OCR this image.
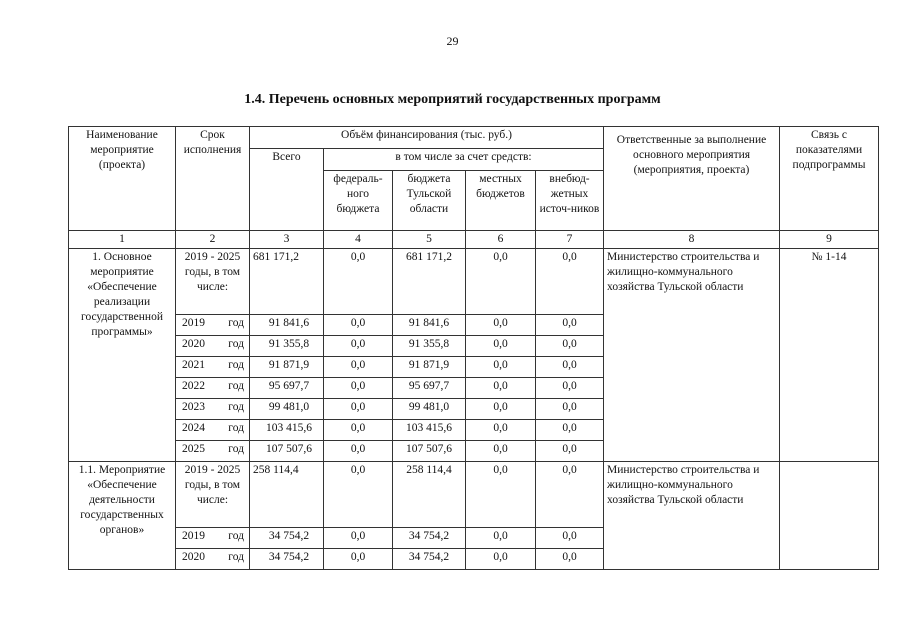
29
1.4. Перечень основных мероприятий государственных программ
Наименование мероприятие (проекта)	Срок исполнения	Объём финансирования (тыс. руб.)					Ответственные за выполнение основного мероприятия (мероприятия, проекта)	Связь с показателями подпрограммы
		Всего	в том числе за счет средств:					
			федераль-ного бюджета	бюджета Тульской области	местных бюджетов	внебюд-жетных источ-ников		
1	2	3	4	5	6	7	8	9
1. Основное мероприятие «Обеспечение реализации государственной программы»	2019 - 2025 годы, в том числе:	681 171,2	0,0	681 171,2	0,0	0,0	Министерство строительства и жилищно-коммунального хозяйства Тульской области	№ 1-14

	2019 год	91 841,6	0,0	91 841,6	0,0	0,0		

	2020 год	91 355,8	0,0	91 355,8	0,0	0,0		

	2021 год	91 871,9	0,0	91 871,9	0,0	0,0		

	2022 год	95 697,7	0,0	95 697,7	0,0	0,0		

	2023 год	99 481,0	0,0	99 481,0	0,0	0,0		

	2024 год	103 415,6	0,0	103 415,6	0,0	0,0		

	2025 год	107 507,6	0,0	107 507,6	0,0	0,0		
1.1. Мероприятие «Обеспечение деятельности государственных органов»	2019 - 2025 годы, в том числе:	258 114,4	0,0	258 114,4	0,0	0,0	Министерство строительства и жилищно-коммунального хозяйства Тульской области	

	2019 год	34 754,2	0,0	34 754,2	0,0	0,0		

	2020 год	34 754,2	0,0	34 754,2	0,0	0,0		
